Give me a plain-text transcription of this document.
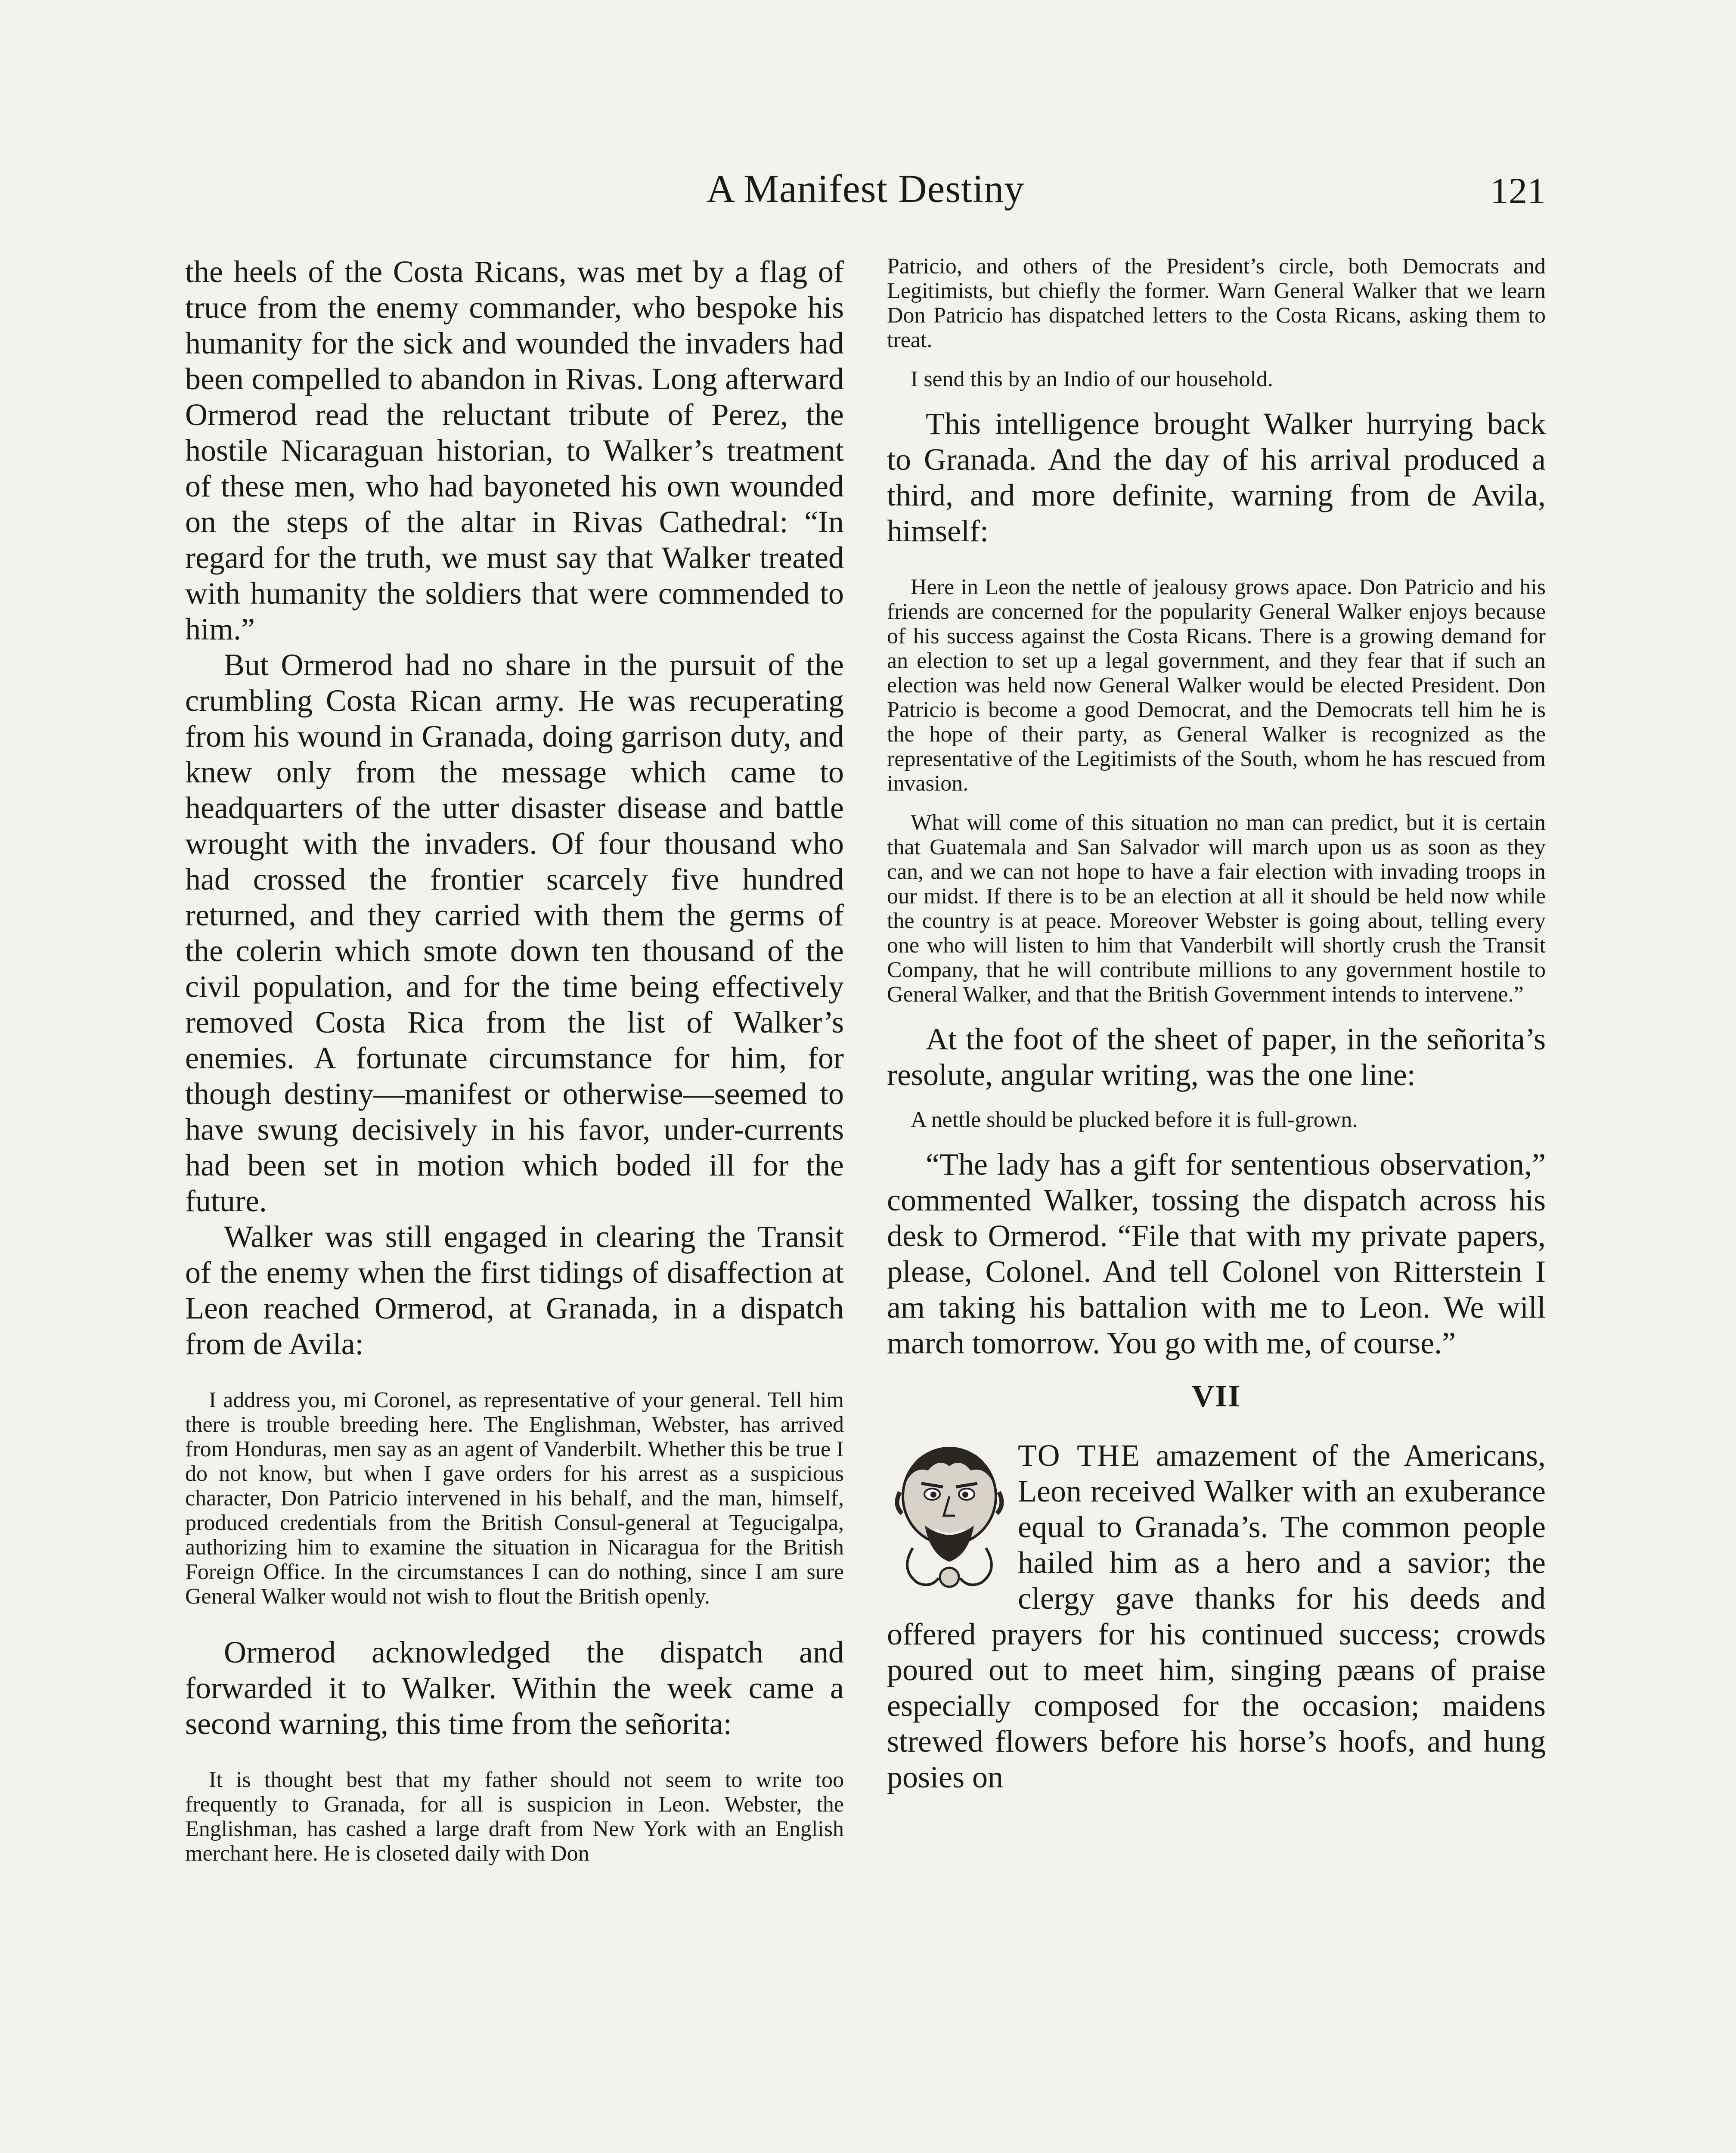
A Manifest Destiny	121

the heels of the Costa Ricans, was met by a flag of truce from the enemy commander, who bespoke his humanity for the sick and wounded the invaders had been compelled to abandon in Rivas. Long afterward Ormerod read the reluctant tribute of Perez, the hostile Nicaraguan historian, to Walker’s treatment of these men, who had bayoneted his own wounded on the steps of the altar in Rivas Cathedral: “In regard for the truth, we must say that Walker treated with humanity the soldiers that were commended to him.”

But Ormerod had no share in the pursuit of the crumbling Costa Rican army. He was recuperating from his wound in Granada, doing garrison duty, and knew only from the message which came to headquarters of the utter disaster disease and battle wrought with the invaders. Of four thousand who had crossed the frontier scarcely five hundred returned, and they carried with them the germs of the colerin which smote down ten thousand of the civil population, and for the time being effectively removed Costa Rica from the list of Walker’s enemies. A fortunate circumstance for him, for though destiny—manifest or otherwise—seemed to have swung decisively in his favor, under-currents had been set in motion which boded ill for the future.

Walker was still engaged in clearing the Transit of the enemy when the first tidings of disaffection at Leon reached Ormerod, at Granada, in a dispatch from de Avila:

I address you, mi Coronel, as representative of your general. Tell him there is trouble breeding here. The Englishman, Webster, has arrived from Honduras, men say as an agent of Vanderbilt. Whether this be true I do not know, but when I gave orders for his arrest as a suspicious character, Don Patricio intervened in his behalf, and the man, himself, produced credentials from the British Consul-general at Tegucigalpa, authorizing him to examine the situation in Nicaragua for the British Foreign Office. In the circumstances I can do nothing, since I am sure General Walker would not wish to flout the British openly.

Ormerod acknowledged the dispatch and forwarded it to Walker. Within the week came a second warning, this time from the señorita:

It is thought best that my father should not seem to write too frequently to Granada, for all is suspicion in Leon. Webster, the Englishman, has cashed a large draft from New York with an English merchant here. He is closeted daily with Don

Patricio, and others of the President’s circle, both Democrats and Legitimists, but chiefly the former. Warn General Walker that we learn Don Patricio has dispatched letters to the Costa Ricans, asking them to treat.

I send this by an Indio of our household.

This intelligence brought Walker hurrying back to Granada. And the day of his arrival produced a third, and more definite, warning from de Avila, himself:

Here in Leon the nettle of jealousy grows apace. Don Patricio and his friends are concerned for the popularity General Walker enjoys because of his success against the Costa Ricans. There is a growing demand for an election to set up a legal government, and they fear that if such an election was held now General Walker would be elected President. Don Patricio is become a good Democrat, and the Democrats tell him he is the hope of their party, as General Walker is recognized as the representative of the Legitimists of the South, whom he has rescued from invasion.

What will come of this situation no man can predict, but it is certain that Guatemala and San Salvador will march upon us as soon as they can, and we can not hope to have a fair election with invading troops in our midst. If there is to be an election at all it should be held now while the country is at peace. Moreover Webster is going about, telling every one who will listen to him that Vanderbilt will shortly crush the Transit Company, that he will contribute millions to any government hostile to General Walker, and that the British Government intends to intervene.”

At the foot of the sheet of paper, in the señorita’s resolute, angular writing, was the one line:

A nettle should be plucked before it is full-grown.

“The lady has a gift for sententious observation,” commented Walker, tossing the dispatch across his desk to Ormerod. “File that with my private papers, please, Colonel. And tell Colonel von Ritterstein I am taking his battalion with me to Leon. We will march tomorrow. You go with me, of course.”

VII

TO THE amazement of the Americans, Leon received Walker with an exuberance equal to Granada’s. The common people hailed him as a hero and a savior; the clergy gave thanks for his deeds and offered prayers for his continued success; crowds poured out to meet him, singing pæans of praise especially composed for the occasion; maidens strewed flowers before his horse’s hoofs, and hung posies on
